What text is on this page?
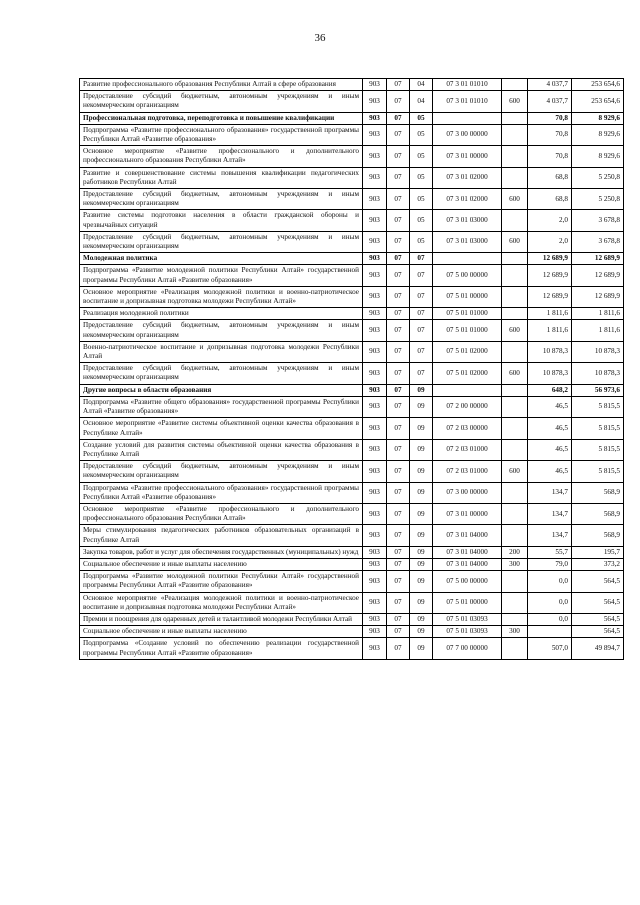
36
Развитие профессионального образования Республики Алтай в сфере образования	903	07	04	07 3 01 01010		4 037,7	253 654,6
Предоставление субсидий бюджетным, автономным учреждениям и иным некоммерческим организациям	903	07	04	07 3 01 01010	600	4 037,7	253 654,6
Профессиональная подготовка, переподготовка и повышение квалификации	903	07	05			70,8	8 929,6
Подпрограмма «Развитие профессионального образования» государственной программы Республики Алтай «Развитие образования»	903	07	05	07 3 00 00000		70,8	8 929,6
Основное мероприятие «Развитие профессионального и дополнительного профессионального образования Республики Алтай»	903	07	05	07 3 01 00000		70,8	8 929,6
Развитие и совершенствование системы повышения квалификации педагогических работников Республики Алтай	903	07	05	07 3 01 02000		68,8	5 250,8
Предоставление субсидий бюджетным, автономным учреждениям и иным некоммерческим организациям	903	07	05	07 3 01 02000	600	68,8	5 250,8
Развитие системы подготовки населения в области гражданской обороны и чрезвычайных ситуаций	903	07	05	07 3 01 03000		2,0	3 678,8
Предоставление субсидий бюджетным, автономным учреждениям и иным некоммерческим организациям	903	07	05	07 3 01 03000	600	2,0	3 678,8
Молодежная политика	903	07	07			12 689,9	12 689,9
Подпрограмма «Развитие молодежной политики Республики Алтай» государственной программы Республики Алтай «Развитие образования»	903	07	07	07 5 00 00000		12 689,9	12 689,9
Основное мероприятие «Реализация молодежной политики и военно-патриотическое воспитание и допризывная подготовка молодежи Республики Алтай»	903	07	07	07 5 01 00000		12 689,9	12 689,9
Реализация молодежной политики	903	07	07	07 5 01 01000		1 811,6	1 811,6
Предоставление субсидий бюджетным, автономным учреждениям и иным некоммерческим организациям	903	07	07	07 5 01 01000	600	1 811,6	1 811,6
Военно-патриотическое воспитание и допризывная подготовка молодежи Республики Алтай	903	07	07	07 5 01 02000		10 878,3	10 878,3
Предоставление субсидий бюджетным, автономным учреждениям и иным некоммерческим организациям	903	07	07	07 5 01 02000	600	10 878,3	10 878,3
Другие вопросы в области образования	903	07	09			648,2	56 973,6
Подпрограмма «Развитие общего образования» государственной программы Республики Алтай «Развитие образования»	903	07	09	07 2 00 00000		46,5	5 815,5
Основное мероприятие «Развитие системы объективной оценки качества образования в Республике Алтай»	903	07	09	07 2 03 00000		46,5	5 815,5
Создание условий для развития системы объективной оценки качества образования в Республике Алтай	903	07	09	07 2 03 01000		46,5	5 815,5
Предоставление субсидий бюджетным, автономным учреждениям и иным некоммерческим организациям	903	07	09	07 2 03 01000	600	46,5	5 815,5
Подпрограмма «Развитие профессионального образования» государственной программы Республики Алтай «Развитие образования»	903	07	09	07 3 00 00000		134,7	568,9
Основное мероприятие «Развитие профессионального и дополнительного профессионального образования Республики Алтай»	903	07	09	07 3 01 00000		134,7	568,9
Меры стимулирования педагогических работников образовательных организаций в Республике Алтай	903	07	09	07 3 01 04000		134,7	568,9
Закупка товаров, работ и услуг для обеспечения государственных (муниципальных) нужд	903	07	09	07 3 01 04000	200	55,7	195,7
Социальное обеспечение и иные выплаты населению	903	07	09	07 3 01 04000	300	79,0	373,2
Подпрограмма «Развитие молодежной политики Республики Алтай» государственной программы Республики Алтай «Развитие образования»	903	07	09	07 5 00 00000		0,0	564,5
Основное мероприятие «Реализация молодежной политики и военно-патриотическое воспитание и допризывная подготовка молодежи Республики Алтай»	903	07	09	07 5 01 00000		0,0	564,5
Премии и поощрения для одаренных детей и талантливой молодежи Республики Алтай	903	07	09	07 5 01 03093		0,0	564,5
Социальное обеспечение и иные выплаты населению	903	07	09	07 5 01 03093	300		564,5
Подпрограмма «Создание условий по обеспечению реализации государственной программы Республики Алтай «Развитие образования»	903	07	09	07 7 00 00000		507,0	49 894,7
